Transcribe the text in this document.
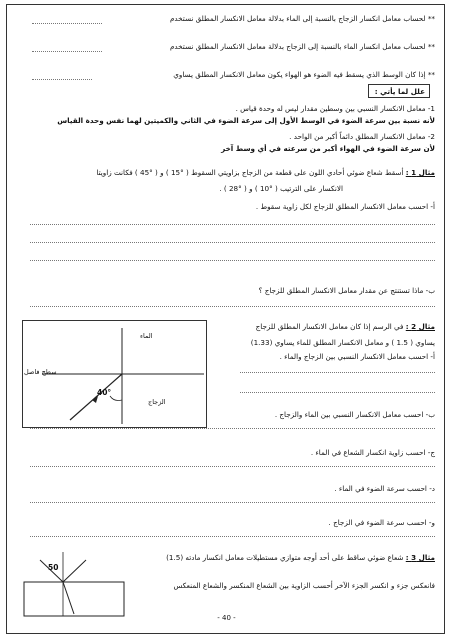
** لحساب معامل انكسار الزجاج بالنسبة إلى الماء بدلالة معامل الانكسار المطلق نستخدم
** لحساب معامل انكسار الماء بالنسبة إلى الزجاج بدلالة معامل الانكسار المطلق نستخدم
** إذا كان الوسط الذي يسقط فيه الضوء هو الهواء يكون معامل الانكسار المطلق يساوي
علل لما يأتي :
1- معامل الانكسار النسبي بين وسطين مقدار ليس له وحدة قياس .
لأنه نسبة بين سرعة الضوء في الوسط الأول إلى سرعة الضوء في الثاني والكميتين لهما نفس وحدة القياس
2- معامل الانكسار المطلق دائماً أكبر من الواحد .
لأن سرعة الضوء في الهواء أكبر من سرعته في أي وسط آخر
مثال 1 : أسقط شعاع ضوئي أحادي اللون على قطعة من الزجاج بزاويتي السقوط ( °15 ) و ( °45 ) فكانت زاويتا
الانكسار على الترتيب ( °10 ) و ( °28 ) .
أ- احسب معامل الانكسار المطلق للزجاج لكل زاوية سقوط .
ب- ماذا تستنتج عن مقدار معامل الانكسار المطلق للزجاج ؟
مثال 2 : في الرسم إذا كان معامل الانكسار المطلق للزجاج
يساوي ( 1.5 ) و معامل الانكسار المطلق للماء يساوي (1.33)
أ- احسب معامل الانكسار النسبي بين الزجاج والماء .
ب- احسب معامل الانكسار النسبي بين الماء والزجاج .
ج- احسب زاوية انكسار الشعاع في الماء .
د- احسب سرعة الضوء في الماء .
و- احسب سرعة الضوء في الزجاج .
الماء
الزجاج
سطح فاصل
40°
مثال 3 : شعاع ضوئي ساقط على أحد أوجه متوازي مستطيلات معامل انكسار مادته (1.5)
فانعكس جزء و انكسر الجزء الآخر أحسب الزاوية بين الشعاع المنكسر والشعاع المنعكس
50
- 40 -
